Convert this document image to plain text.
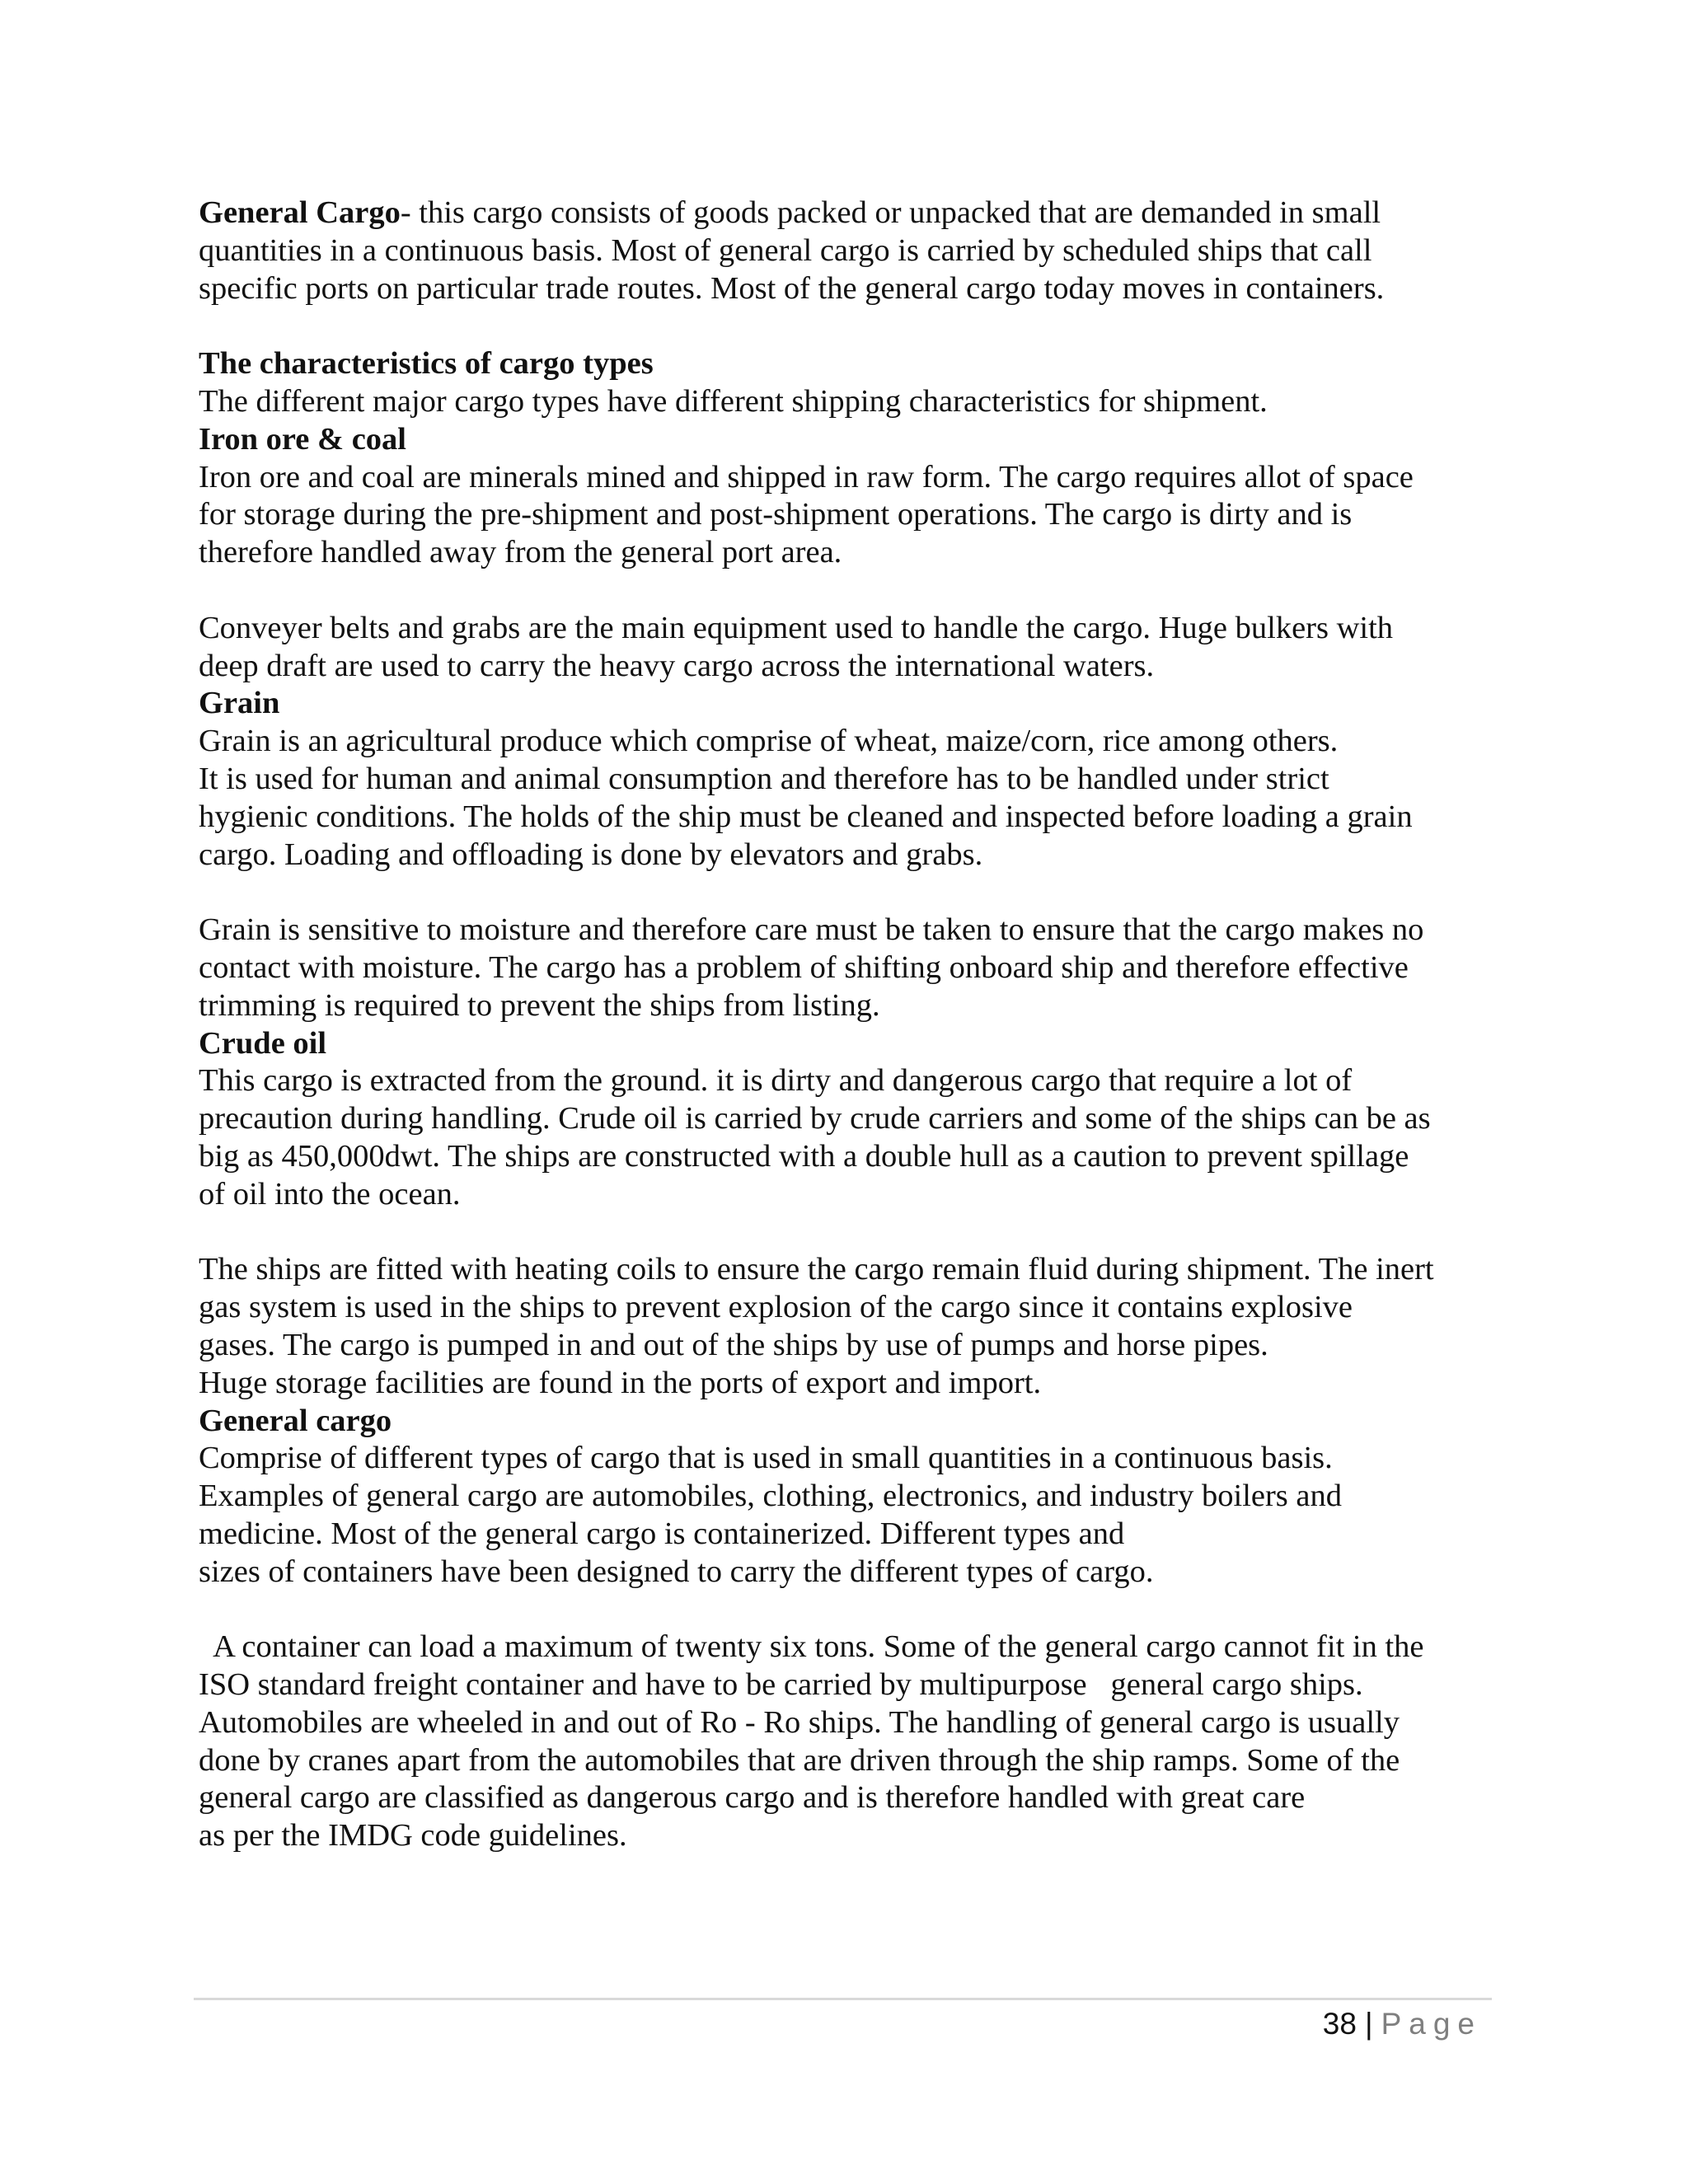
General Cargo- this cargo consists of goods packed or unpacked that are demanded in small
quantities in a continuous basis. Most of general cargo is carried by scheduled ships that call
specific ports on particular trade routes. Most of the general cargo today moves in containers.
The characteristics of cargo types
The different major cargo types have different shipping characteristics for shipment.
Iron ore & coal
Iron ore and coal are minerals mined and shipped in raw form. The cargo requires allot of space
for storage during the pre-shipment and post-shipment operations. The cargo is dirty and is
therefore handled away from the general port area.
Conveyer belts and grabs are the main equipment used to handle the cargo. Huge bulkers with
deep draft are used to carry the heavy cargo across the international waters.
Grain
Grain is an agricultural produce which comprise of wheat, maize/corn, rice among others.
It is used for human and animal consumption and therefore has to be handled under strict
hygienic conditions. The holds of the ship must be cleaned and inspected before loading a grain
cargo. Loading and offloading is done by elevators and grabs.
Grain is sensitive to moisture and therefore care must be taken to ensure that the cargo makes no
contact with moisture. The cargo has a problem of shifting onboard ship and therefore effective
trimming is required to prevent the ships from listing.
Crude oil
This cargo is extracted from the ground. it is dirty and dangerous cargo that require a lot of
precaution during handling. Crude oil is carried by crude carriers and some of the ships can be as
big as 450,000dwt. The ships are constructed with a double hull as a caution to prevent spillage
of oil into the ocean.
The ships are fitted with heating coils to ensure the cargo remain fluid during shipment. The inert
gas system is used in the ships to prevent explosion of the cargo since it contains explosive
gases. The cargo is pumped in and out of the ships by use of pumps and horse pipes.
Huge storage facilities are found in the ports of export and import.
General cargo
Comprise of different types of cargo that is used in small quantities in a continuous basis.
Examples of general cargo are automobiles, clothing, electronics, and industry boilers and
medicine. Most of the general cargo is containerized. Different types and
sizes of containers have been designed to carry the different types of cargo.
A container can load a maximum of twenty six tons. Some of the general cargo cannot fit in the
ISO standard freight container and have to be carried by multipurpose   general cargo ships.
Automobiles are wheeled in and out of Ro - Ro ships. The handling of general cargo is usually
done by cranes apart from the automobiles that are driven through the ship ramps. Some of the
general cargo are classified as dangerous cargo and is therefore handled with great care
as per the IMDG code guidelines.
38 | Page
